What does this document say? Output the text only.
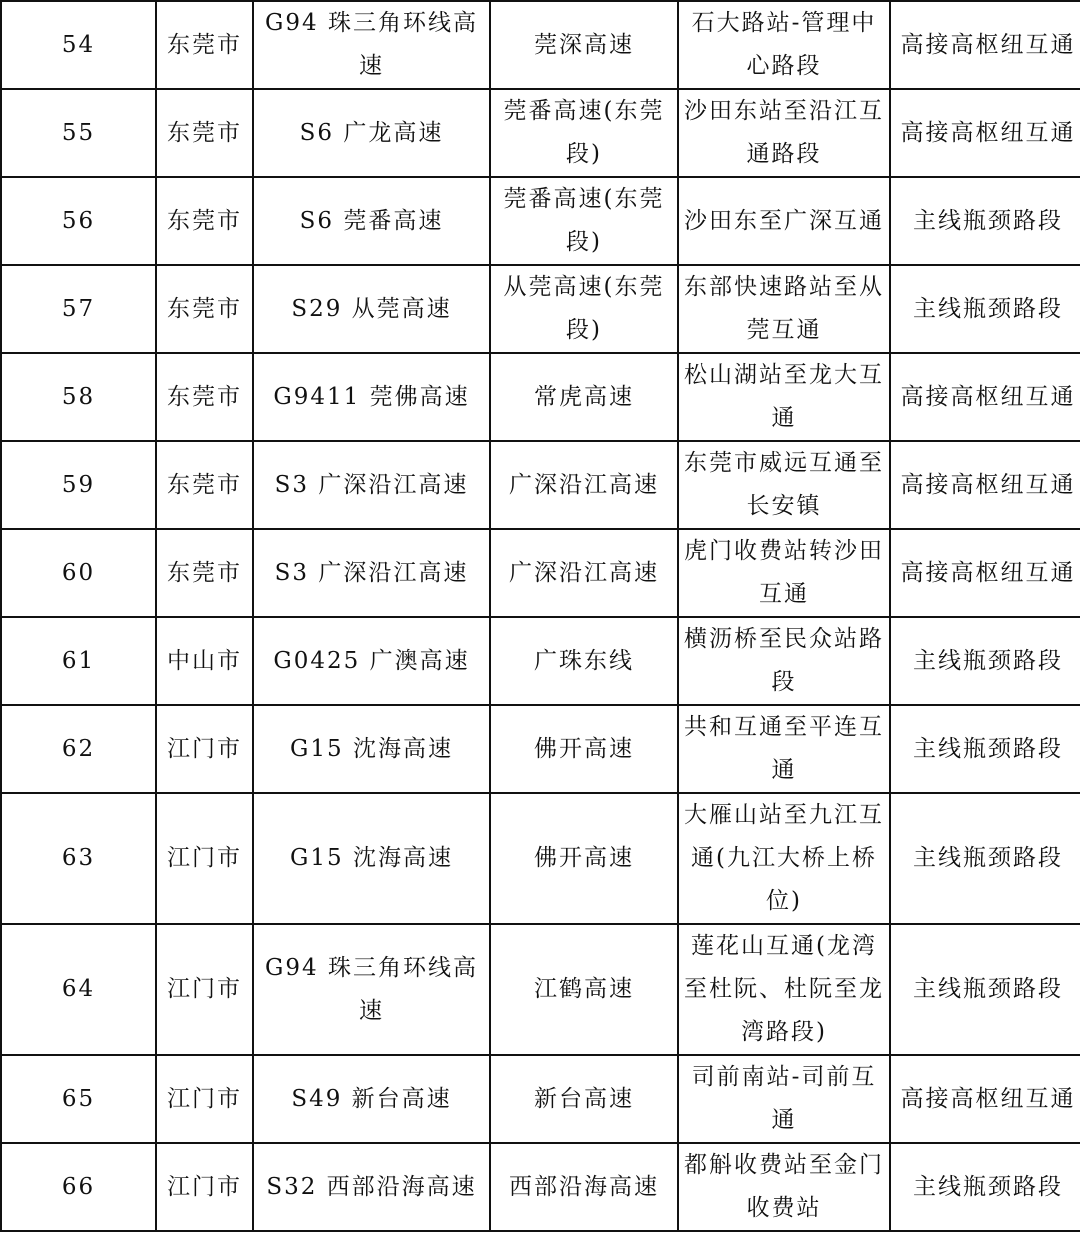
54	东莞市	G94 珠三角环线高速	莞深高速	石大路站-管理中心路段	高接高枢纽互通
55	东莞市	S6 广龙高速	莞番高速(东莞段)	沙田东站至沿江互通路段	高接高枢纽互通
56	东莞市	S6 莞番高速	莞番高速(东莞段)	沙田东至广深互通	主线瓶颈路段
57	东莞市	S29 从莞高速	从莞高速(东莞段)	东部快速路站至从莞互通	主线瓶颈路段
58	东莞市	G9411 莞佛高速	常虎高速	松山湖站至龙大互通	高接高枢纽互通
59	东莞市	S3 广深沿江高速	广深沿江高速	东莞市威远互通至长安镇	高接高枢纽互通
60	东莞市	S3 广深沿江高速	广深沿江高速	虎门收费站转沙田互通	高接高枢纽互通
61	中山市	G0425 广澳高速	广珠东线	横沥桥至民众站路段	主线瓶颈路段
62	江门市	G15 沈海高速	佛开高速	共和互通至平连互通	主线瓶颈路段
63	江门市	G15 沈海高速	佛开高速	大雁山站至九江互通(九江大桥上桥位)	主线瓶颈路段
64	江门市	G94 珠三角环线高速	江鹤高速	莲花山互通(龙湾至杜阮、杜阮至龙湾路段)	主线瓶颈路段
65	江门市	S49 新台高速	新台高速	司前南站-司前互通	高接高枢纽互通
66	江门市	S32 西部沿海高速	西部沿海高速	都斛收费站至金门收费站	主线瓶颈路段
